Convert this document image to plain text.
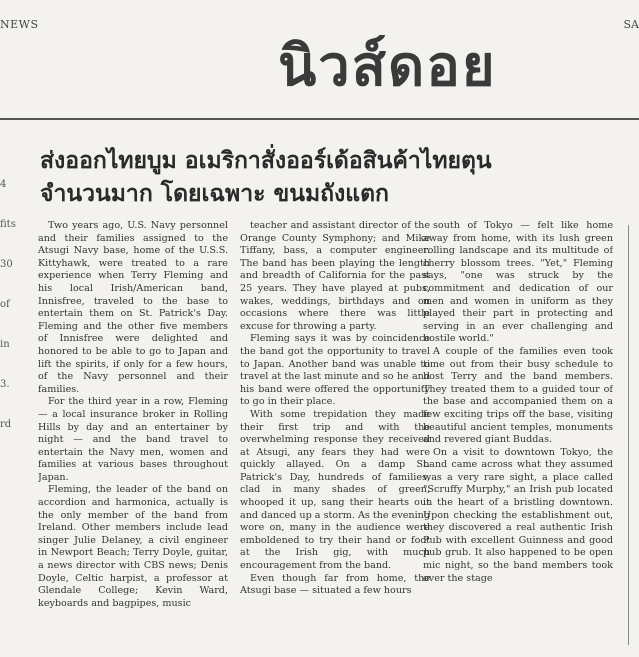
NEWS	SA
นิวส์ดอย
ส่งออกไทยบูม อเมริกาสั่งออร์เด้อสินค้าไทยตุน
จำนวนมาก โดยเฉพาะ ขนมถังแตก
4
fits
30
of
in
3.
rd

Two years ago, U.S. Navy personnel and their families assigned to the Atsugi Navy base, home of the U.S.S. Kittyhawk, were treated to a rare experience when Terry Fleming and his local Irish/American band, Innisfree, traveled to the base to entertain them on St. Patrick's Day. Fleming and the other five members of Innisfree were delighted and honored to be able to go to Japan and lift the spirits, if only for a few hours, of the Navy personnel and their families.

For the third year in a row, Fleming — a local insurance broker in Rolling Hills by day and an entertainer by night — and the band travel to entertain the Navy men, women and families at various bases throughout Japan.

Fleming, the leader of the band on accordion and harmonica, actually is the only member of the band from Ireland. Other members include lead singer Julie Delaney, a civil engineer in Newport Beach; Terry Doyle, guitar, a news director with CBS news; Denis Doyle, Celtic harpist, a professor at Glendale College; Kevin Ward, keyboards and bagpipes, music

teacher and assistant director of the Orange County Symphony; and Mike Tiffany, bass, a computer engineer. The band has been playing the length and breadth of California for the past 25 years. They have played at pubs, wakes, weddings, birthdays and on occasions where there was little excuse for throwing a party.

Fleming says it was by coincidence the band got the opportunity to travel to Japan. Another band was unable to travel at the last minute and so he and his band were offered the opportunity to go in their place.

With some trepidation they made their first trip and with the overwhelming response they received at Atsugi, any fears they had were quickly allayed. On a damp St. Patrick's Day, hundreds of families, clad in many shades of green, whooped it up, sang their hearts out and danced up a storm. As the evening wore on, many in the audience were emboldened to try their hand or foot at the Irish gig, with much encouragement from the band.

Even though far from home, the Atsugi base — situated a few hours

south of Tokyo — felt like home away from home, with its lush green rolling landscape and its multitude of cherry blossom trees. "Yet," Fleming says, "one was struck by the commitment and dedication of our men and women in uniform as they played their part in protecting and serving in an ever challenging and hostile world."

A couple of the families even took time out from their busy schedule to host Terry and the band members. They treated them to a guided tour of the base and accompanied them on a few exciting trips off the base, visiting beautiful ancient temples, monuments and revered giant Buddas.

On a visit to downtown Tokyo, the band came across what they assumed was a very rare sight, a place called "Scruffy Murphy," an Irish pub located in the heart of a bristling downtown. Upon checking the establishment out, they discovered a real authentic Irish Pub with excellent Guinness and good pub grub. It also happened to be open mic night, so the band members took over the stage
